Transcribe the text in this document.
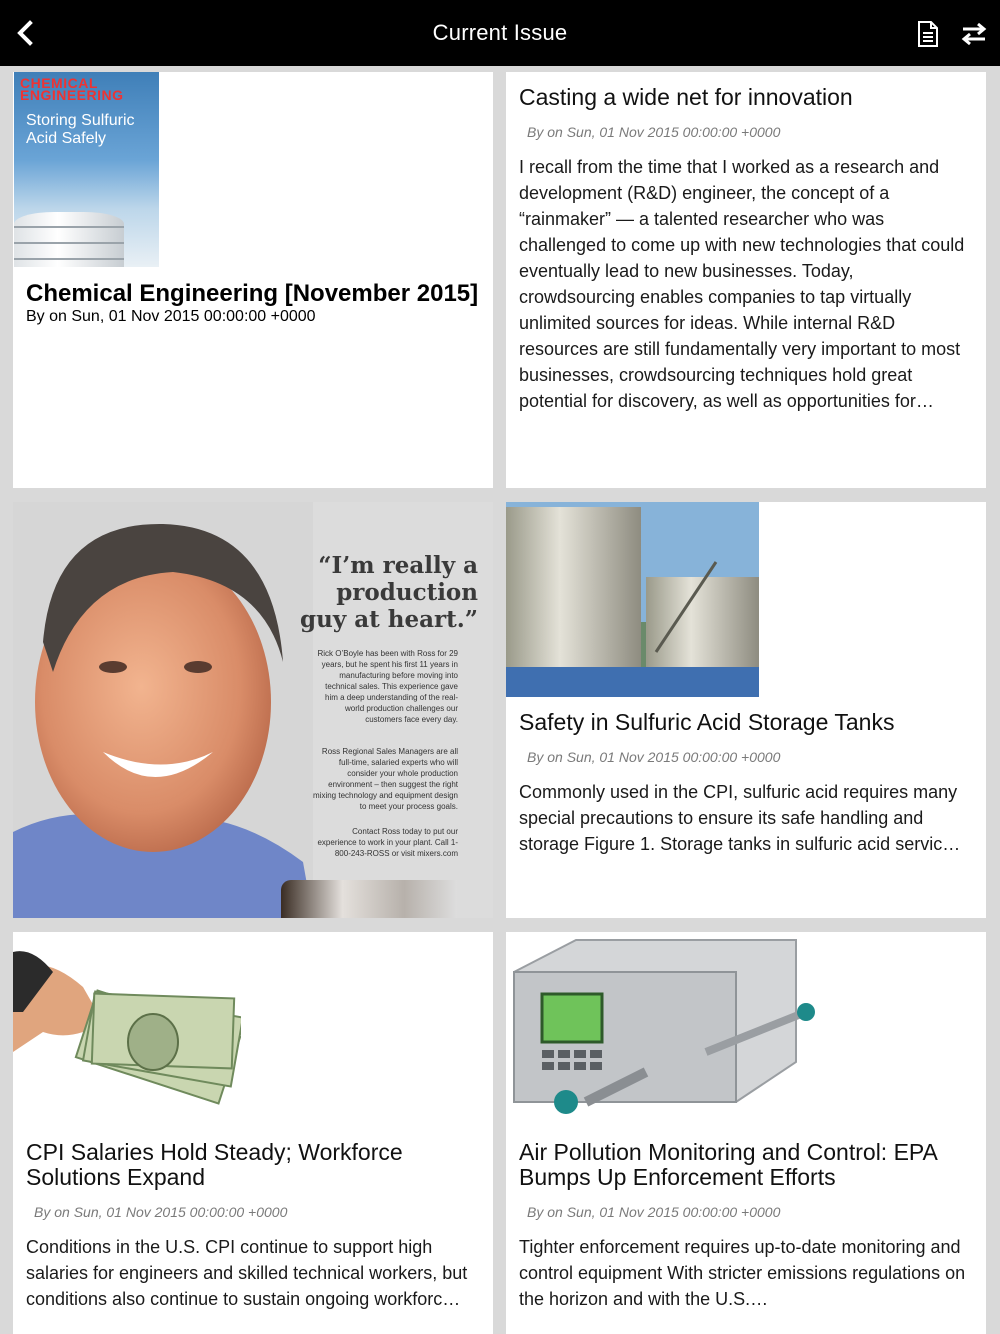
Current Issue
CHEMICAL
ENGINEERING
Storing Sulfuric Acid Safely
Chemical Engineering [November 2015]
By on Sun, 01 Nov 2015 00:00:00 +0000
Casting a wide net for innovation
By on Sun, 01 Nov 2015 00:00:00 +0000
I recall from the time that I worked as a research and development (R&D) engineer, the concept of a “rainmaker” — a talented researcher who was challenged to come up with new technologies that could eventually lead to new businesses. Today, crowdsourcing enables companies to tap virtually unlimited sources for ideas. While internal R&D resources are still fundamentally very important to most businesses, crowdsourcing techniques hold great potential for discovery, as well as opportunities for…
“I’m really a production guy at heart.”
Rick O’Boyle has been with Ross for 29 years, but he spent his first 11 years in manufacturing before moving into technical sales. This experience gave him a deep understanding of the real-world production challenges our customers face every day.
Ross Regional Sales Managers are all full-time, salaried experts who will consider your whole production environment – then suggest the right mixing technology and equipment design to meet your process goals.
Contact Ross today to put our experience to work in your plant. Call 1-800-243-ROSS or visit mixers.com
Safety in Sulfuric Acid Storage Tanks
By on Sun, 01 Nov 2015 00:00:00 +0000
Commonly used in the CPI, sulfuric acid requires many special precautions to ensure its safe handling and storage Figure 1. Storage tanks in sulfuric acid servic…
CPI Salaries Hold Steady; Workforce Solutions Expand
By on Sun, 01 Nov 2015 00:00:00 +0000
Conditions in the U.S. CPI continue to support high salaries for engineers and skilled technical workers, but conditions also continue to sustain ongoing workforc…
Air Pollution Monitoring and Control: EPA Bumps Up Enforcement Efforts
By on Sun, 01 Nov 2015 00:00:00 +0000
Tighter enforcement requires up-to-date monitoring and control equipment With stricter emissions regulations on the horizon and with the U.S.…
